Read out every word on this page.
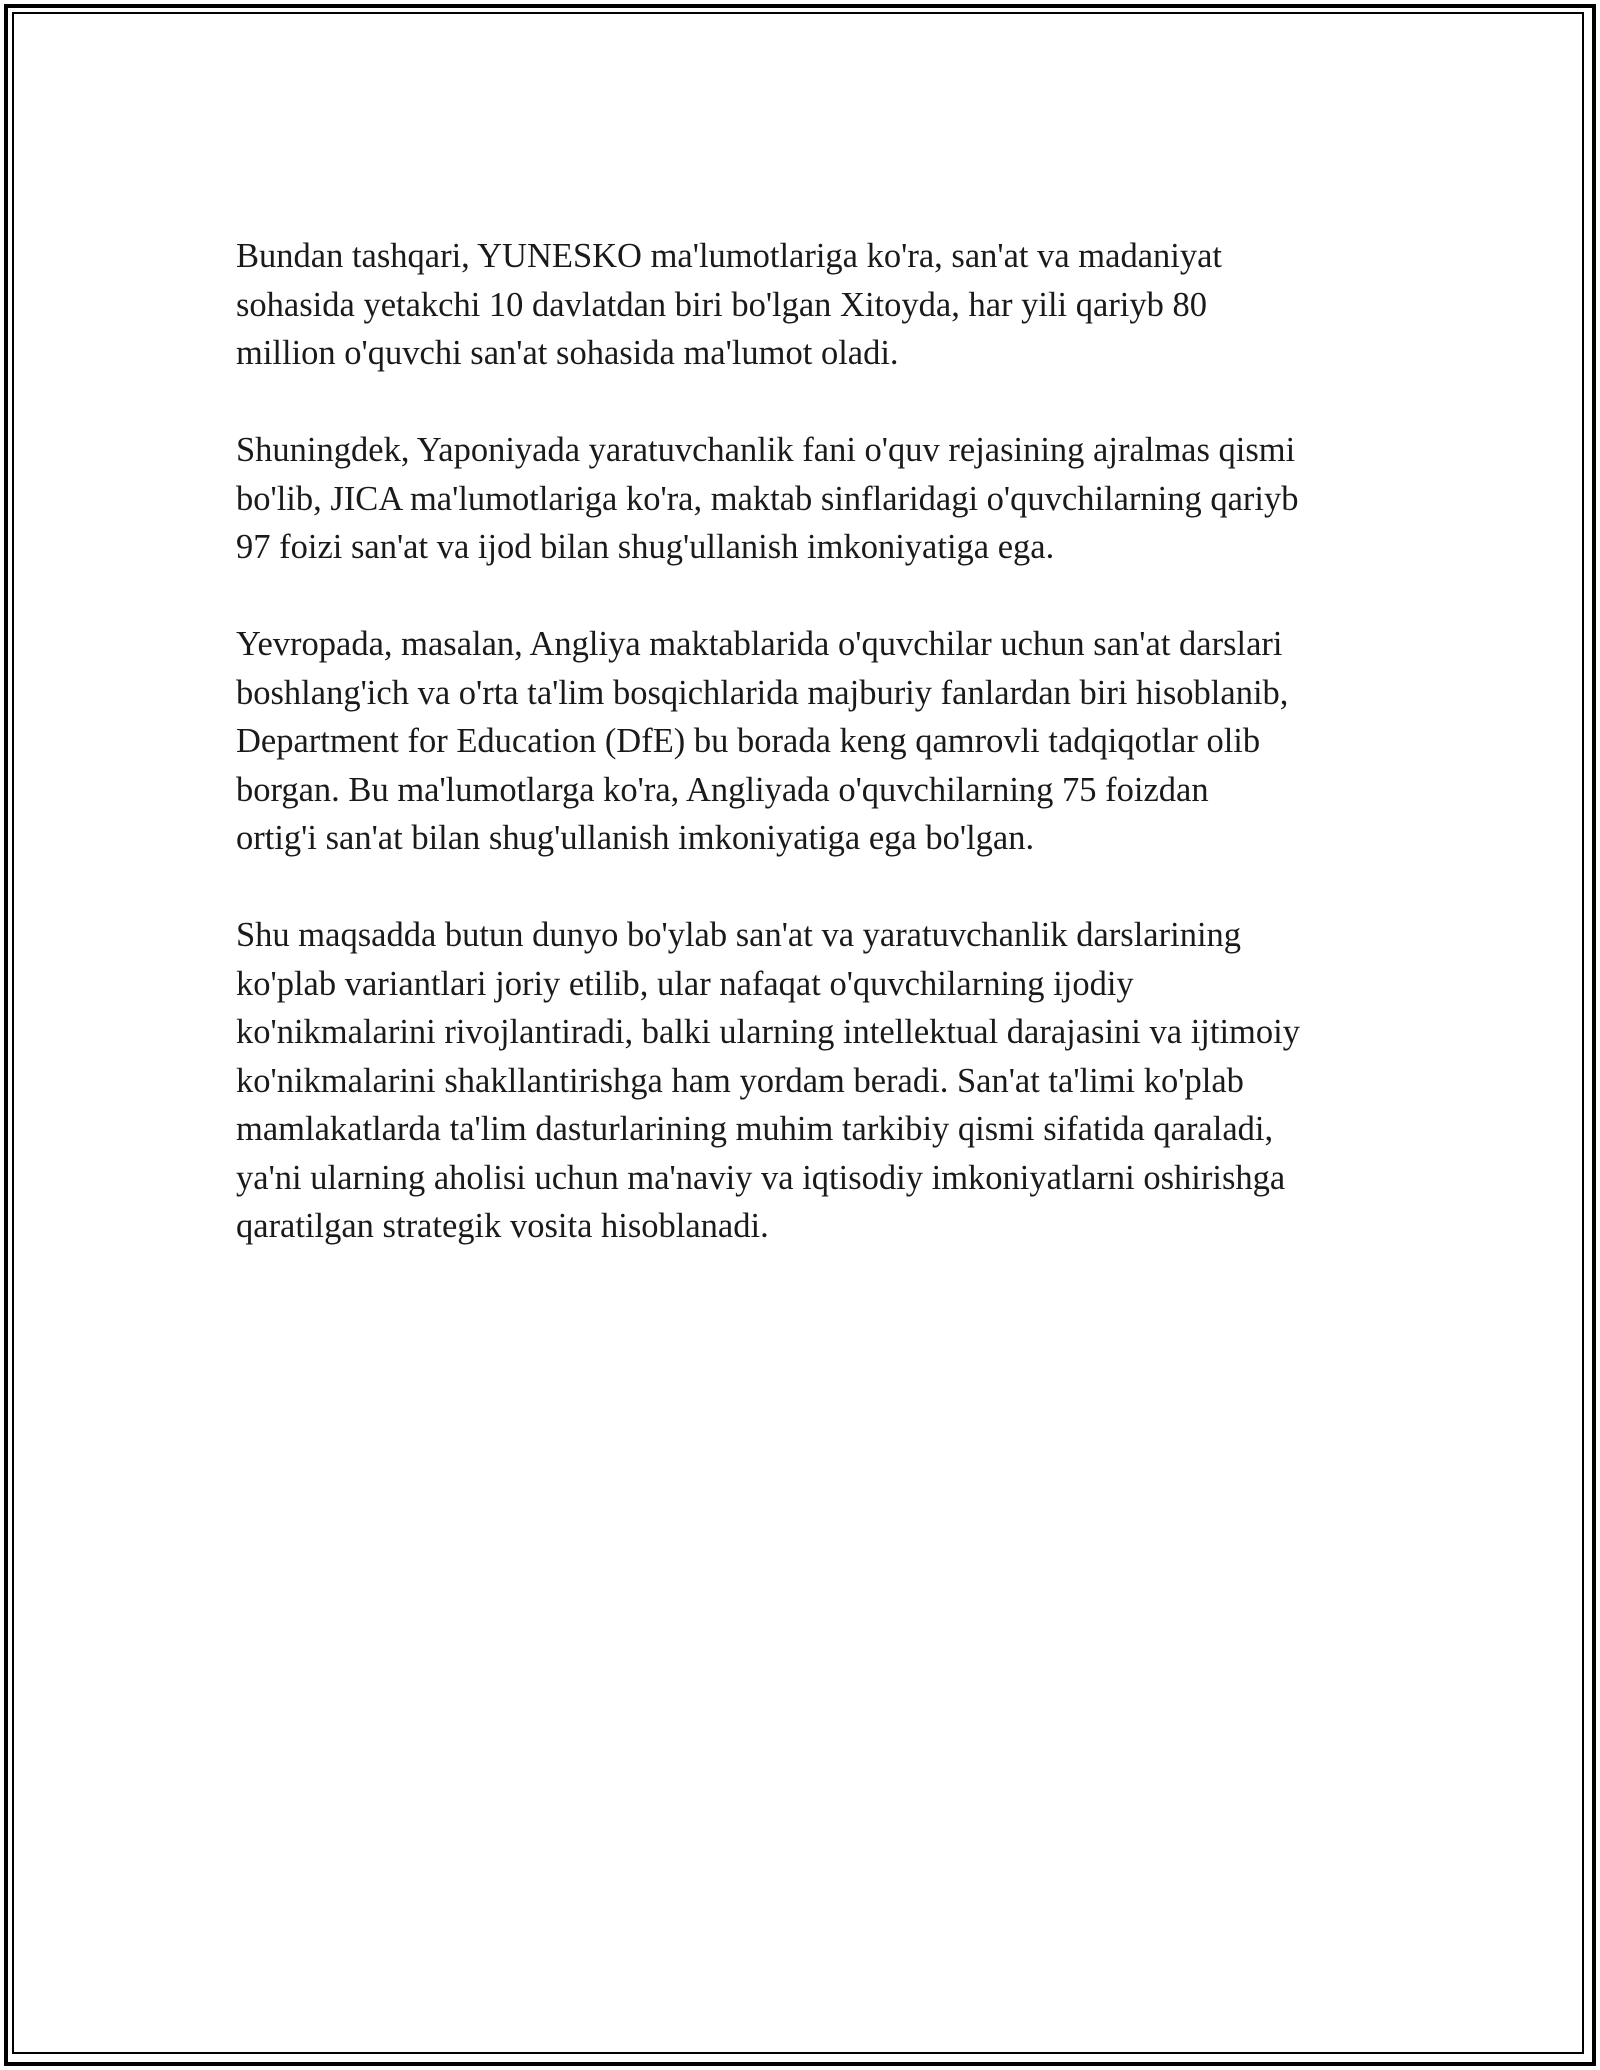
Bundan tashqari, YUNESKO ma'lumotlariga ko'ra, san'at va madaniyat
sohasida yetakchi 10 davlatdan biri bo'lgan Xitoyda, har yili qariyb 80
million o'quvchi san'at sohasida ma'lumot oladi.

Shuningdek, Yaponiyada yaratuvchanlik fani o'quv rejasining ajralmas qismi
bo'lib, JICA ma'lumotlariga ko'ra, maktab sinflaridagi o'quvchilarning qariyb
97 foizi san'at va ijod bilan shug'ullanish imkoniyatiga ega.

Yevropada, masalan, Angliya maktablarida o'quvchilar uchun san'at darslari
boshlang'ich va o'rta ta'lim bosqichlarida majburiy fanlardan biri hisoblanib,
Department for Education (DfE) bu borada keng qamrovli tadqiqotlar olib
borgan. Bu ma'lumotlarga ko'ra, Angliyada o'quvchilarning 75 foizdan
ortig'i san'at bilan shug'ullanish imkoniyatiga ega bo'lgan.

Shu maqsadda butun dunyo bo'ylab san'at va yaratuvchanlik darslarining
ko'plab variantlari joriy etilib, ular nafaqat o'quvchilarning ijodiy
ko'nikmalarini rivojlantiradi, balki ularning intellektual darajasini va ijtimoiy
ko'nikmalarini shakllantirishga ham yordam beradi. San'at ta'limi ko'plab
mamlakatlarda ta'lim dasturlarining muhim tarkibiy qismi sifatida qaraladi,
ya'ni ularning aholisi uchun ma'naviy va iqtisodiy imkoniyatlarni oshirishga
qaratilgan strategik vosita hisoblanadi.
